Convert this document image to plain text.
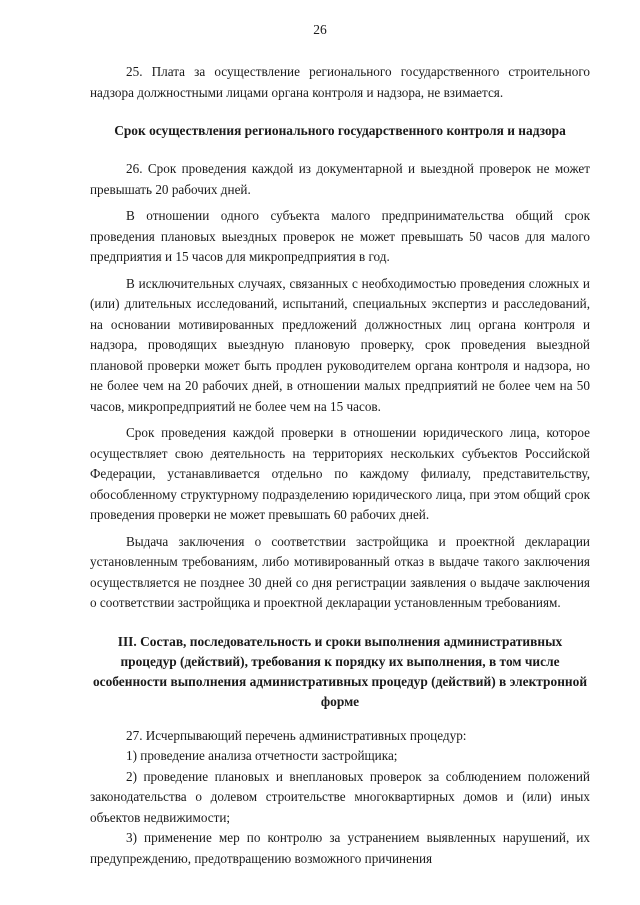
26

25. Плата за осуществление регионального государственного строительного надзора должностными лицами органа контроля и надзора, не взимается.

Срок осуществления регионального государственного контроля и надзора

26. Срок проведения каждой из документарной и выездной проверок не может превышать 20 рабочих дней.

В отношении одного субъекта малого предпринимательства общий срок проведения плановых выездных проверок не может превышать 50 часов для малого предприятия и 15 часов для микропредприятия в год.

В исключительных случаях, связанных с необходимостью проведения сложных и (или) длительных исследований, испытаний, специальных экспертиз и расследований, на основании мотивированных предложений должностных лиц органа контроля и надзора, проводящих выездную плановую проверку, срок проведения выездной плановой проверки может быть продлен руководителем органа контроля и надзора, но не более чем на 20 рабочих дней, в отношении малых предприятий не более чем на 50 часов, микропредприятий не более чем на 15 часов.

Срок проведения каждой проверки в отношении юридического лица, которое осуществляет свою деятельность на территориях нескольких субъектов Российской Федерации, устанавливается отдельно по каждому филиалу, представительству, обособленному структурному подразделению юридического лица, при этом общий срок проведения проверки не может превышать 60 рабочих дней.

Выдача заключения о соответствии застройщика и проектной декларации установленным требованиям, либо мотивированный отказ в выдаче такого заключения осуществляется не позднее 30 дней со дня регистрации заявления о выдаче заключения о соответствии застройщика и проектной декларации установленным требованиям.

III. Состав, последовательность и сроки выполнения административных процедур (действий), требования к порядку их выполнения, в том числе особенности выполнения административных процедур (действий) в электронной форме

27. Исчерпывающий перечень административных процедур:

1) проведение анализа отчетности застройщика;

2) проведение плановых и внеплановых проверок за соблюдением положений законодательства о долевом строительстве многоквартирных домов и (или) иных объектов недвижимости;

3) применение мер по контролю за устранением выявленных нарушений, их предупреждению, предотвращению возможного причинения
